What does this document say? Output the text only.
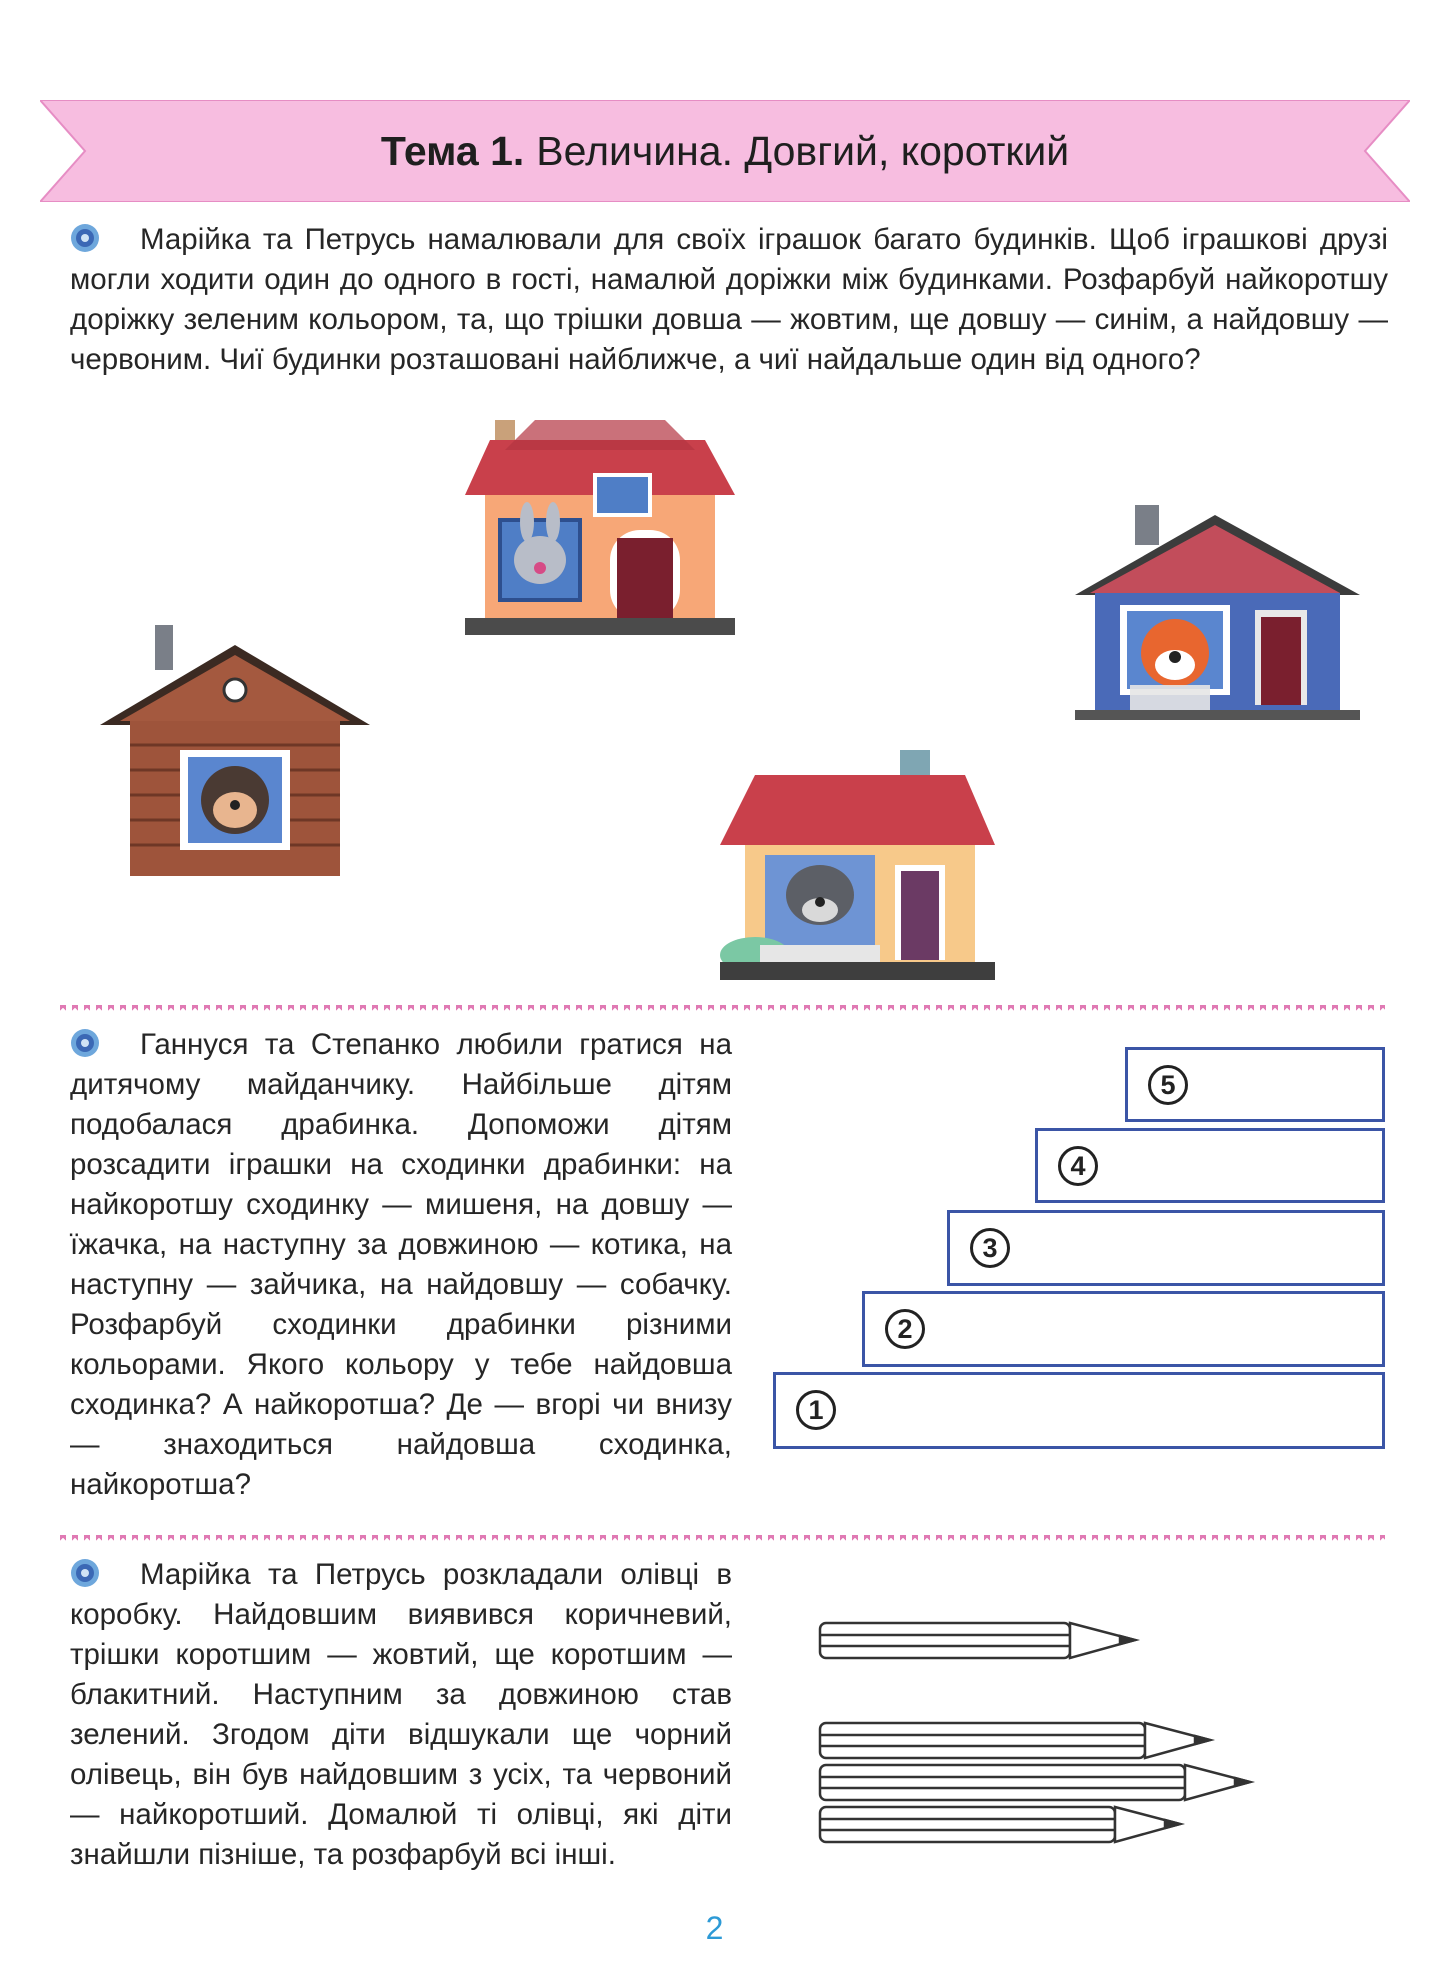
Тема 1. Величина. Довгий, короткий
Марійка та Петрусь намалювали для своїх іграшок багато будинків. Щоб іграшкові друзі могли ходити один до одного в гості, намалюй доріжки між будинками. Розфарбуй найкоротшу доріжку зеленим кольором, та, що трішки довша — жовтим, ще довшу — синім, а найдовшу — червоним. Чиї будинки розташовані найближче, а чиї найдальше один від одного?
Ганнуся та Степанко любили гратися на дитячому майданчику. Найбільше дітям подобалася драбинка. Допоможи дітям розсадити іграшки на сходинки драбинки: на найкоротшу сходинку — мишеня, на довшу — їжачка, на наступну за довжиною — котика, на наступну — зайчика, на найдовшу — собачку. Розфарбуй сходинки драбинки різними кольорами. Якого кольору у тебе найдовша сходинка? А найкоротша? Де — вгорі чи внизу — знаходиться найдовша сходинка, найкоротша?
5
4
3
2
1
Марійка та Петрусь розкладали олівці в коробку. Найдовшим виявився коричневий, трішки коротшим — жовтий, ще коротшим — блакитний. Наступним за довжиною став зелений. Згодом діти відшукали ще чорний олівець, він був найдовшим з усіх, та червоний — найкоротший. Домалюй ті олівці, які діти знайшли пізніше, та розфарбуй всі інші.
2
